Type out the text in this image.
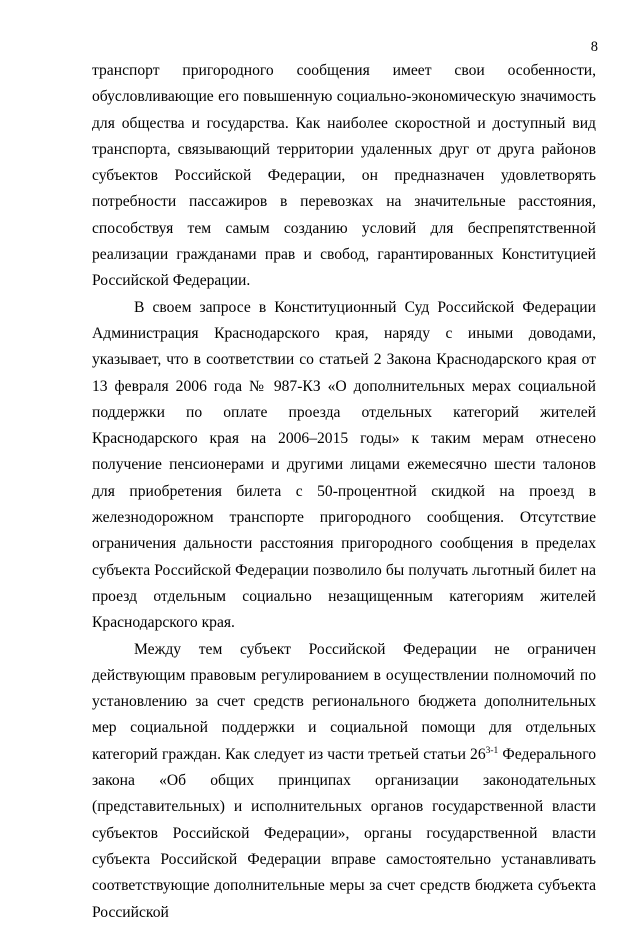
8

транспорт пригородного сообщения имеет свои особенности, обусловливающие его повышенную социально-экономическую значимость для общества и государства. Как наиболее скоростной и доступный вид транспорта, связывающий территории удаленных друг от друга районов субъектов Российской Федерации, он предназначен удовлетворять потребности пассажиров в перевозках на значительные расстояния, способствуя тем самым созданию условий для беспрепятственной реализации гражданами прав и свобод, гарантированных Конституцией Российской Федерации.

В своем запросе в Конституционный Суд Российской Федерации Администрация Краснодарского края, наряду с иными доводами, указывает, что в соответствии со статьей 2 Закона Краснодарского края от 13 февраля 2006 года № 987-КЗ «О дополнительных мерах социальной поддержки по оплате проезда отдельных категорий жителей Краснодарского края на 2006–2015 годы» к таким мерам отнесено получение пенсионерами и другими лицами ежемесячно шести талонов для приобретения билета с 50-процентной скидкой на проезд в железнодорожном транспорте пригородного сообщения. Отсутствие ограничения дальности расстояния пригородного сообщения в пределах субъекта Российской Федерации позволило бы получать льготный билет на проезд отдельным социально незащищенным категориям жителей Краснодарского края.

Между тем субъект Российской Федерации не ограничен действующим правовым регулированием в осуществлении полномочий по установлению за счет средств регионального бюджета дополнительных мер социальной поддержки и социальной помощи для отдельных категорий граждан. Как следует из части третьей статьи 26$^{3-1}$ Федерального закона «Об общих принципах организации законодательных (представительных) и исполнительных органов государственной власти субъектов Российской Федерации», органы государственной власти субъекта Российской Федерации вправе самостоятельно устанавливать соответствующие дополнительные меры за счет средств бюджета субъекта Российской
